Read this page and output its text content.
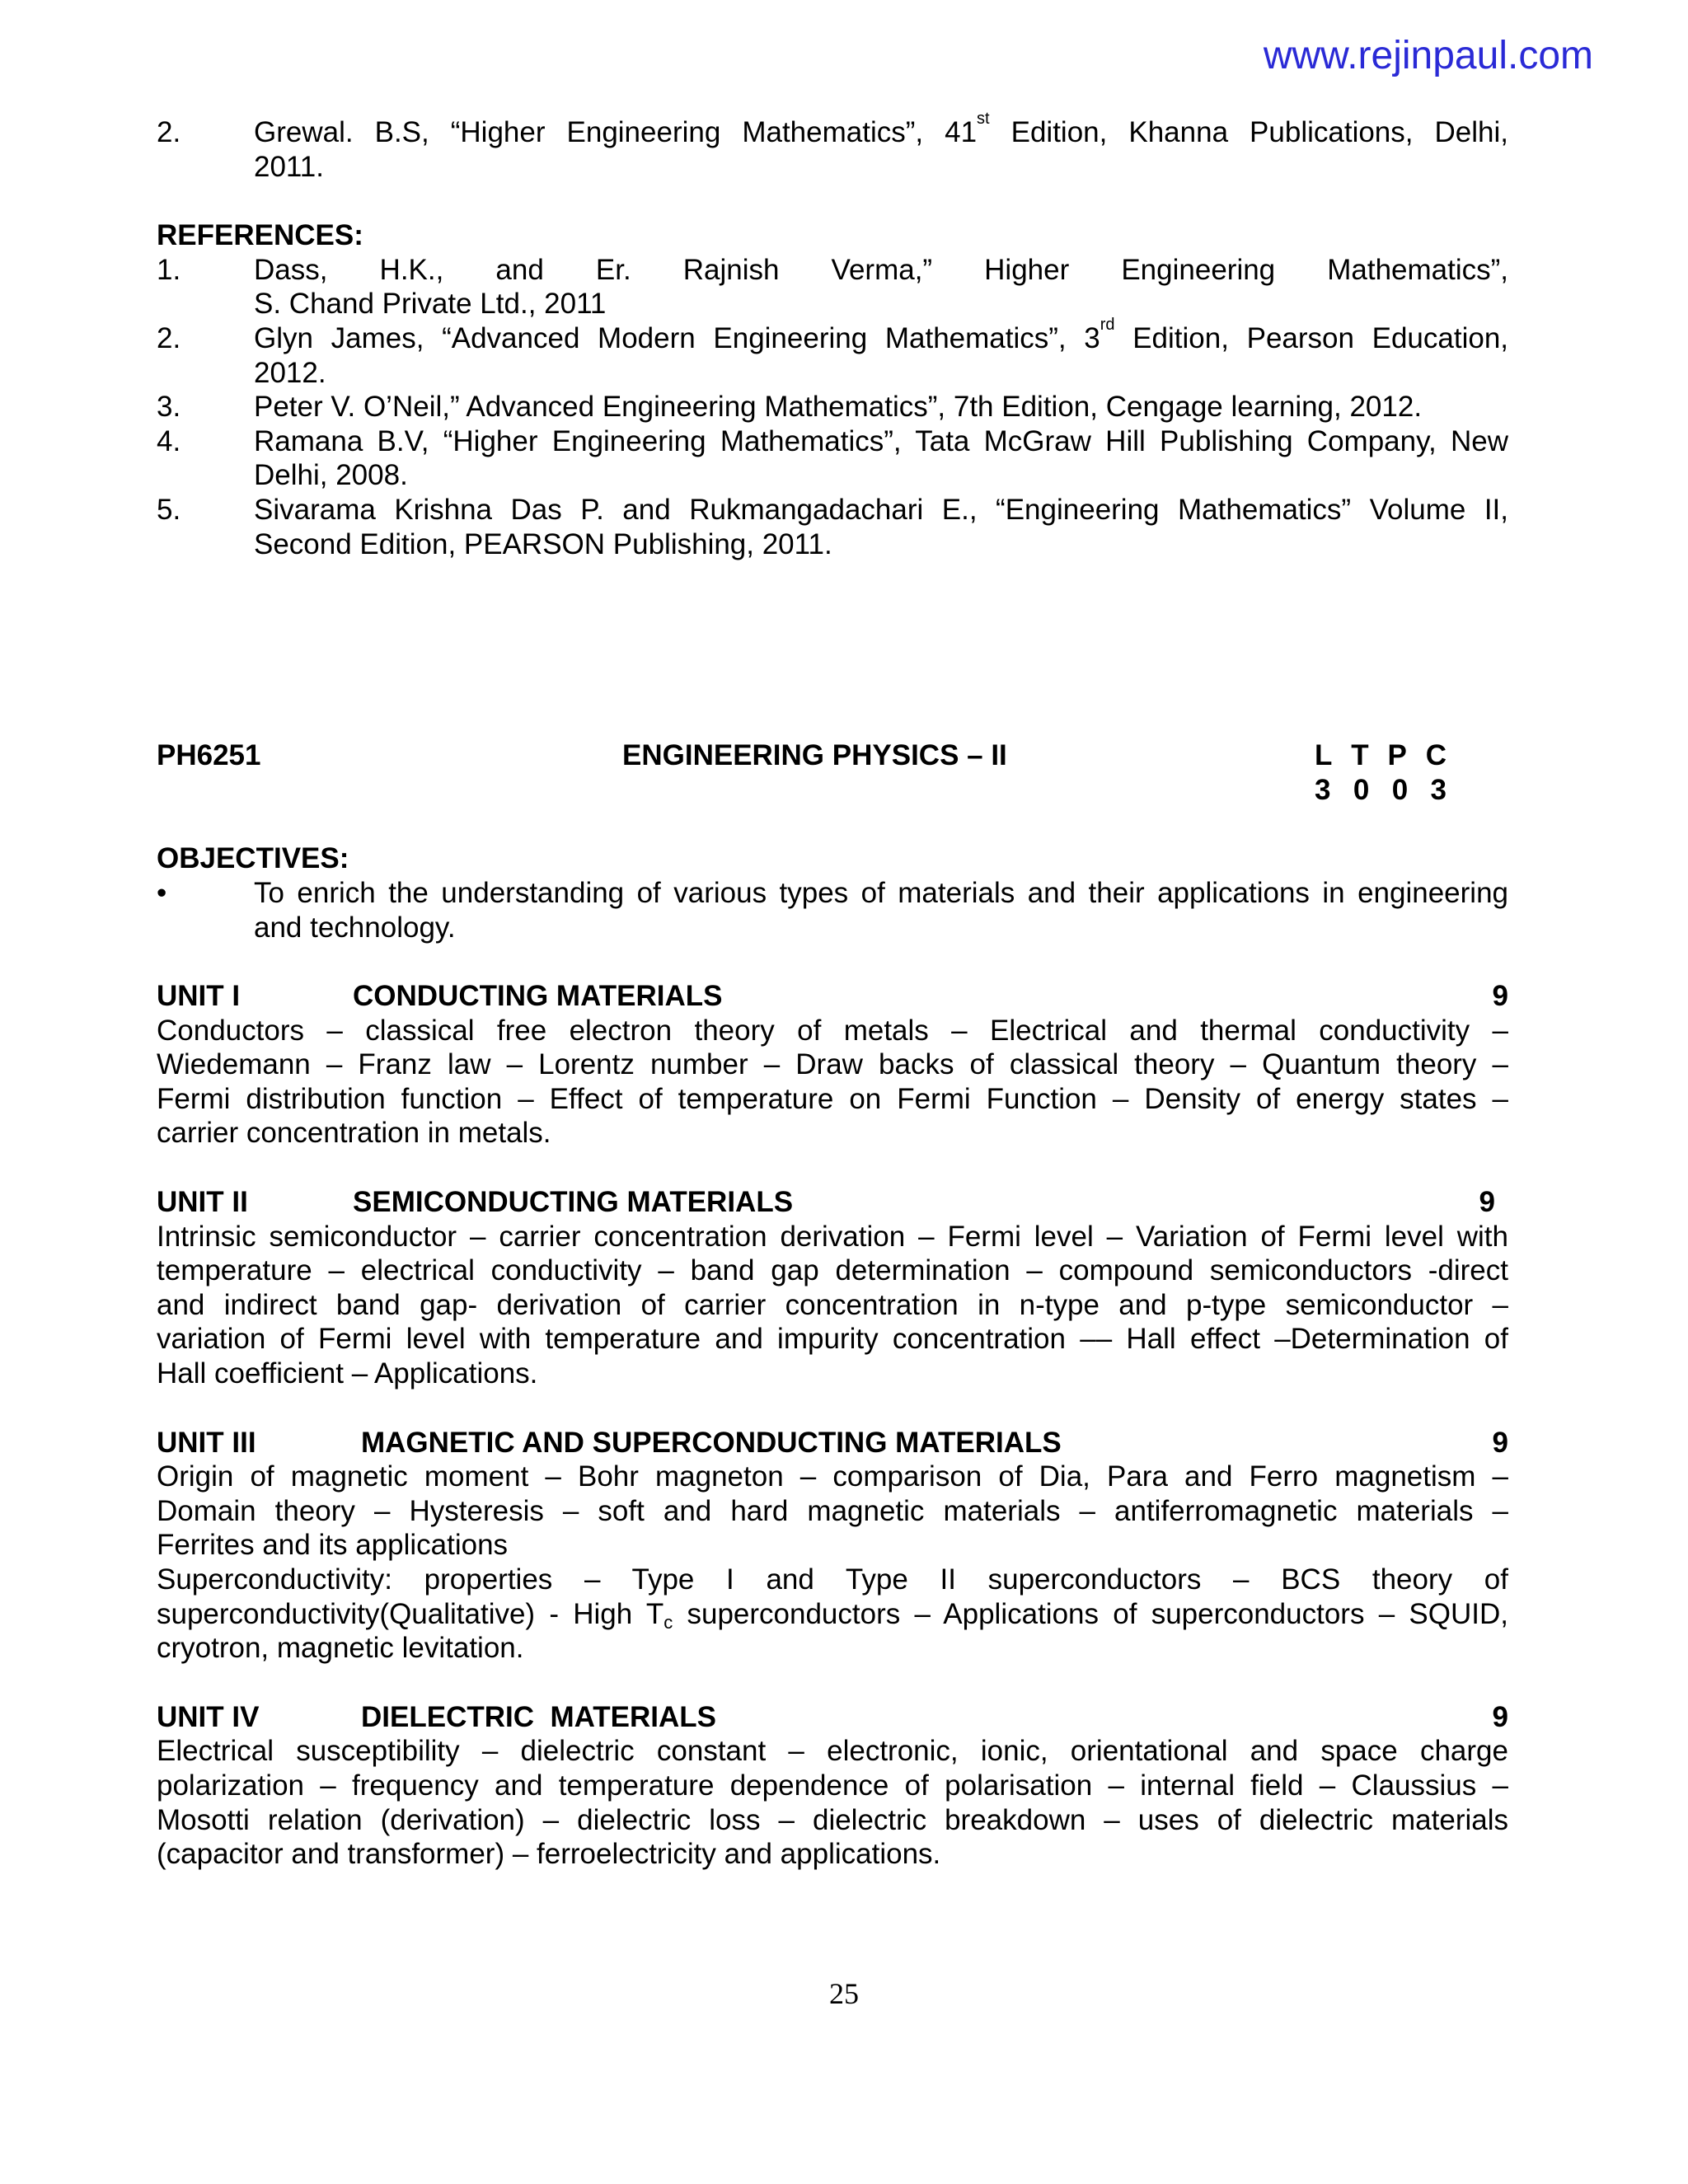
www.rejinpaul.com
2.	Grewal. B.S, “Higher Engineering Mathematics”, 41st Edition, Khanna Publications, Delhi,
2011.
REFERENCES:
1.	Dass, H.K., and Er. Rajnish Verma,” Higher Engineering Mathematics”,
S. Chand Private Ltd., 2011
2.	Glyn James, “Advanced Modern Engineering Mathematics”, 3rd Edition, Pearson Education,
2012.
3.	Peter V. O’Neil,” Advanced Engineering Mathematics”, 7th Edition, Cengage learning, 2012.
4.	Ramana B.V, “Higher Engineering Mathematics”, Tata McGraw Hill Publishing Company, New
Delhi, 2008.
5.	Sivarama Krishna Das P. and Rukmangadachari E., “Engineering Mathematics” Volume II,
Second Edition, PEARSON Publishing, 2011.
PH6251	ENGINEERING PHYSICS – II	L T P C
3 0 0 3
OBJECTIVES:
•	To enrich the understanding of various types of materials and their applications in engineering
and technology.
UNIT I	CONDUCTING MATERIALS	9
Conductors – classical free electron theory of metals – Electrical and thermal conductivity –
Wiedemann – Franz law – Lorentz number – Draw backs of classical theory – Quantum theory –
Fermi distribution function – Effect of temperature on Fermi Function – Density of energy states –
carrier concentration in metals.
UNIT II	SEMICONDUCTING MATERIALS	9
Intrinsic semiconductor – carrier concentration derivation – Fermi level – Variation of Fermi level with
temperature – electrical conductivity – band gap determination – compound semiconductors -direct
and indirect band gap- derivation of carrier concentration in n-type and p-type semiconductor –
variation of Fermi level with temperature and impurity concentration –– Hall effect –Determination of
Hall coefficient – Applications.
UNIT III	MAGNETIC AND SUPERCONDUCTING MATERIALS	9
Origin of magnetic moment – Bohr magneton – comparison of Dia, Para and Ferro magnetism –
Domain theory – Hysteresis – soft and hard magnetic materials – antiferromagnetic materials –
Ferrites and its applications
Superconductivity: properties – Type I and Type II superconductors – BCS theory of
superconductivity(Qualitative) - High $T_c$ superconductors – Applications of superconductors – SQUID,
cryotron, magnetic levitation.
UNIT IV	DIELECTRIC  MATERIALS	9
Electrical susceptibility – dielectric constant – electronic, ionic, orientational and space charge
polarization – frequency and temperature dependence of polarisation – internal field – Claussius –
Mosotti relation (derivation) – dielectric loss – dielectric breakdown – uses of dielectric materials
(capacitor and transformer) – ferroelectricity and applications.
25
